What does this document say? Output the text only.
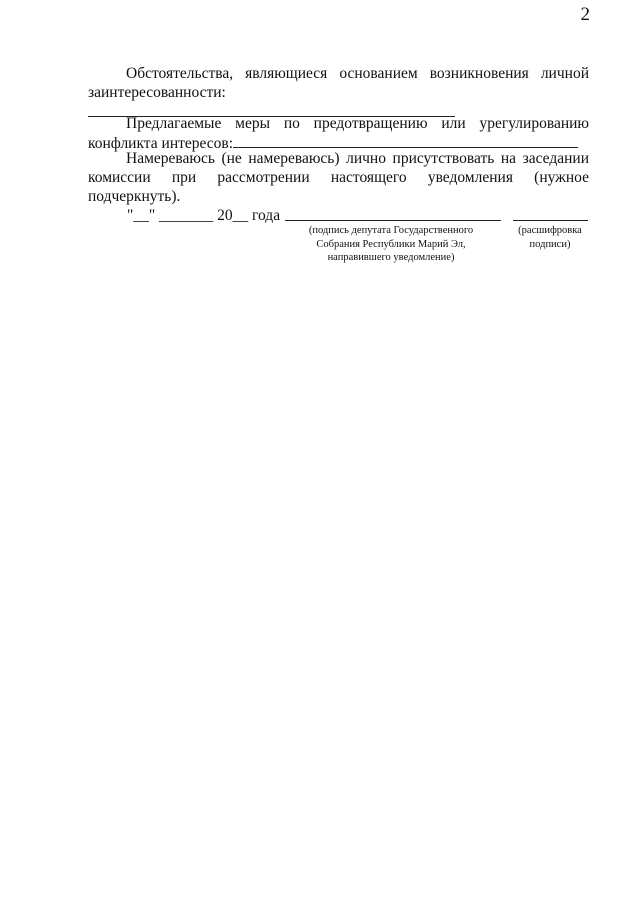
2
Обстоятельства, являющиеся основанием возникновения личной
заинтересованности:
Предлагаемые меры по предотвращению или урегулированию
конфликта интересов:
Намереваюсь (не намереваюсь) лично присутствовать на заседании
комиссии при рассмотрении настоящего уведомления (нужное подчеркнуть).
"__" _______ 20__ года
(подпись депутата Государственного Собрания Республики Марий Эл, направившего уведомление)
(расшифровка подписи)
